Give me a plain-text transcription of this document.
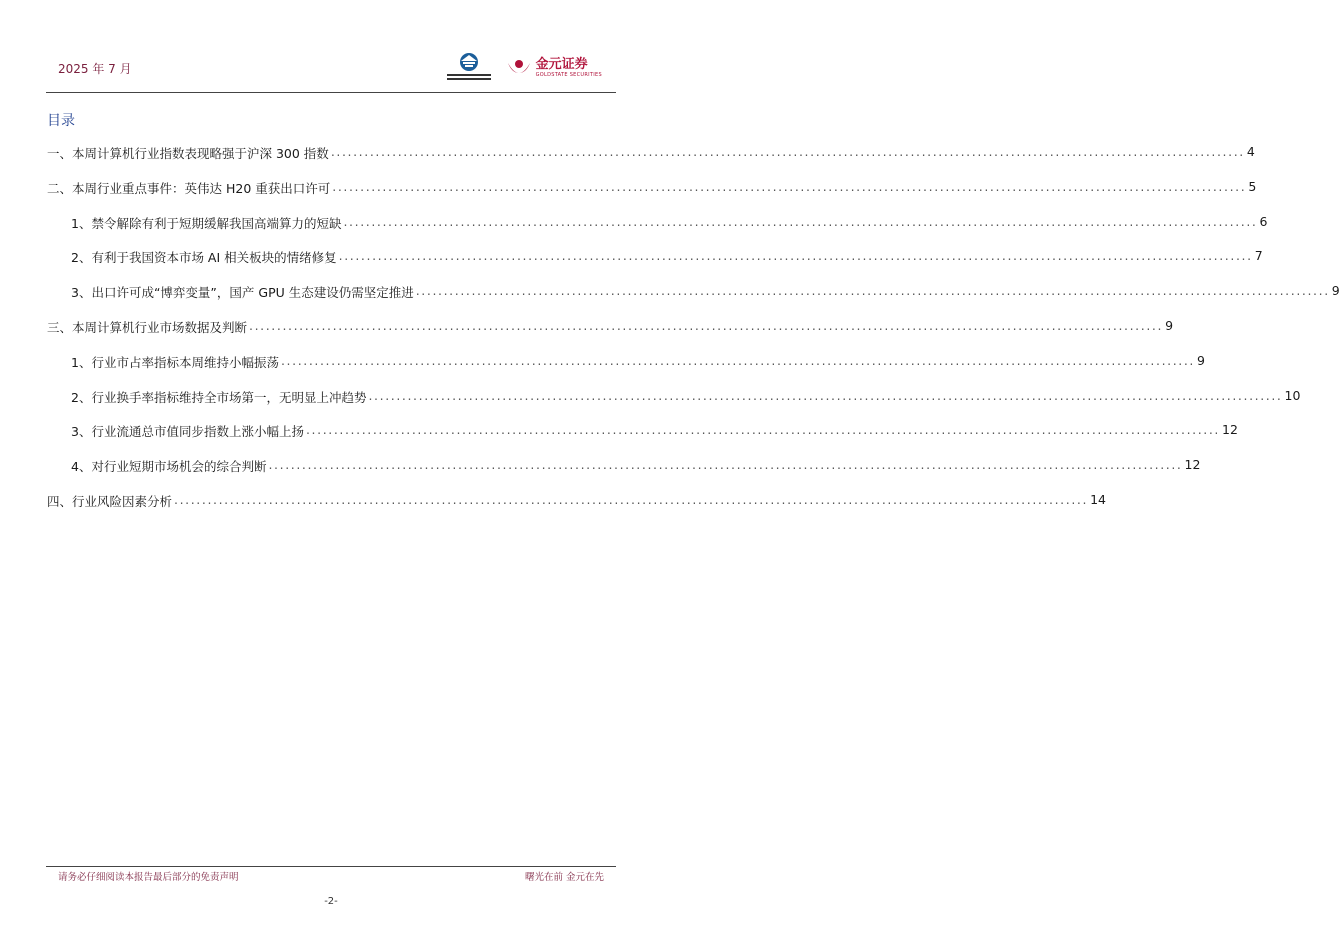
2025 年 7 月	金元证券
GOLDSTATE SECURITIES
目录
一、本周计算机行业指数表现略强于沪深 300 指数 .................................................................................................................................................................... 4
二、本周行业重点事件：英伟达 H20 重获出口许可 .................................................................................................................................................................... 5
1、禁令解除有利于短期缓解我国高端算力的短缺 .................................................................................................................................................................... 6
2、有利于我国资本市场 AI 相关板块的情绪修复 .................................................................................................................................................................... 7
3、出口许可成“博弈变量”，国产 GPU 生态建设仍需坚定推进 .................................................................................................................................................................... 9
三、本周计算机行业市场数据及判断 .................................................................................................................................................................... 9
1、行业市占率指标本周维持小幅振荡 .................................................................................................................................................................... 9
2、行业换手率指标维持全市场第一，无明显上冲趋势 .................................................................................................................................................................... 10
3、行业流通总市值同步指数上涨小幅上扬 .................................................................................................................................................................... 12
4、对行业短期市场机会的综合判断 .................................................................................................................................................................... 12
四、行业风险因素分析 .................................................................................................................................................................... 14
请务必仔细阅读本报告最后部分的免责声明	曙光在前 金元在先
-2-
